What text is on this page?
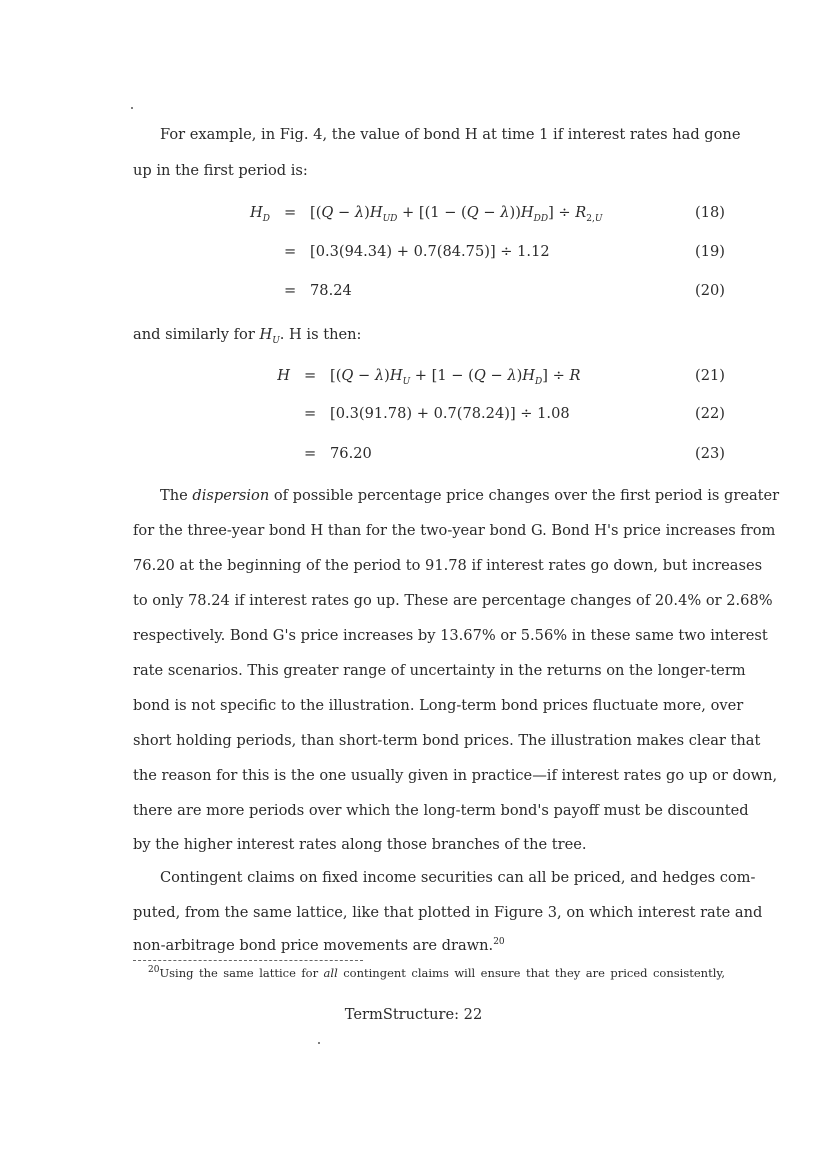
For example, in Fig. 4, the value of bond H at time 1 if interest rates had gone
up in the first period is:
$H_D = [(Q - \lambda)H_{UD} + [(1 - (Q - \lambda))H_{DD}] \div R_{2,U}$	(18)
= [0.3(94.34) + 0.7(84.75)] ÷ 1.12	(19)
= 78.24	(20)
and similarly for $H_U$. H is then:
$H = [(Q - \lambda)H_U + [1 - (Q - \lambda)H_D] \div R$	(21)
= [0.3(91.78) + 0.7(78.24)] ÷ 1.08	(22)
= 76.20	(23)
The dispersion of possible percentage price changes over the first period is greater
for the three-year bond H than for the two-year bond G. Bond H's price increases from
76.20 at the beginning of the period to 91.78 if interest rates go down, but increases
to only 78.24 if interest rates go up. These are percentage changes of 20.4% or 2.68%
respectively. Bond G's price increases by 13.67% or 5.56% in these same two interest
rate scenarios. This greater range of uncertainty in the returns on the longer-term
bond is not specific to the illustration. Long-term bond prices fluctuate more, over
short holding periods, than short-term bond prices. The illustration makes clear that
the reason for this is the one usually given in practice—if interest rates go up or down,
there are more periods over which the long-term bond's payoff must be discounted
by the higher interest rates along those branches of the tree.
Contingent claims on fixed income securities can all be priced, and hedges com-
puted, from the same lattice, like that plotted in Figure 3, on which interest rate and
non-arbitrage bond price movements are drawn.$^{20}$
$^{20}$Using the same lattice for all contingent claims will ensure that they are priced consistently,
TermStructure: 22
